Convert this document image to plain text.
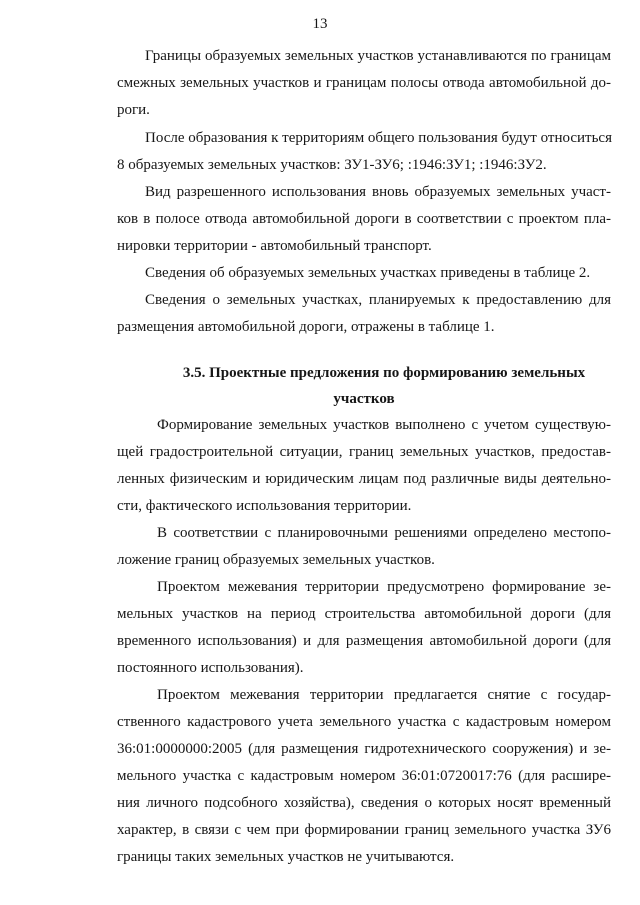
13
Границы образуемых земельных участков устанавливаются по границам
смежных земельных участков и границам полосы отвода автомобильной до-
роги.
После образования к территориям общего пользования будут относиться
8 образуемых земельных участков: ЗУ1-ЗУ6; :1946:ЗУ1; :1946:ЗУ2.
Вид разрешенного использования вновь образуемых земельных участ-
ков в полосе отвода автомобильной дороги в соответствии с проектом пла-
нировки территории - автомобильный транспорт.
Сведения об образуемых земельных участках приведены в таблице 2.
Сведения о земельных участках, планируемых к предоставлению для
размещения автомобильной дороги, отражены в таблице 1.
3.5. Проектные предложения по формированию земельных
участков
Формирование земельных участков выполнено с учетом существую-
щей градостроительной ситуации, границ земельных участков, предостав-
ленных физическим и юридическим лицам под различные виды деятельно-
сти, фактического использования территории.
В соответствии с планировочными решениями определено местопо-
ложение границ образуемых земельных участков.
Проектом межевания территории предусмотрено формирование зе-
мельных участков на период строительства автомобильной дороги (для
временного использования) и для размещения автомобильной дороги (для
постоянного использования).
Проектом межевания территории предлагается снятие с государ-
ственного кадастрового учета земельного участка с кадастровым номером
36:01:0000000:2005 (для размещения гидротехнического сооружения) и зе-
мельного участка с кадастровым номером 36:01:0720017:76 (для расшире-
ния личного подсобного хозяйства), сведения о которых носят временный
характер, в связи с чем при формировании границ земельного участка ЗУ6
границы таких земельных участков не учитываются.
